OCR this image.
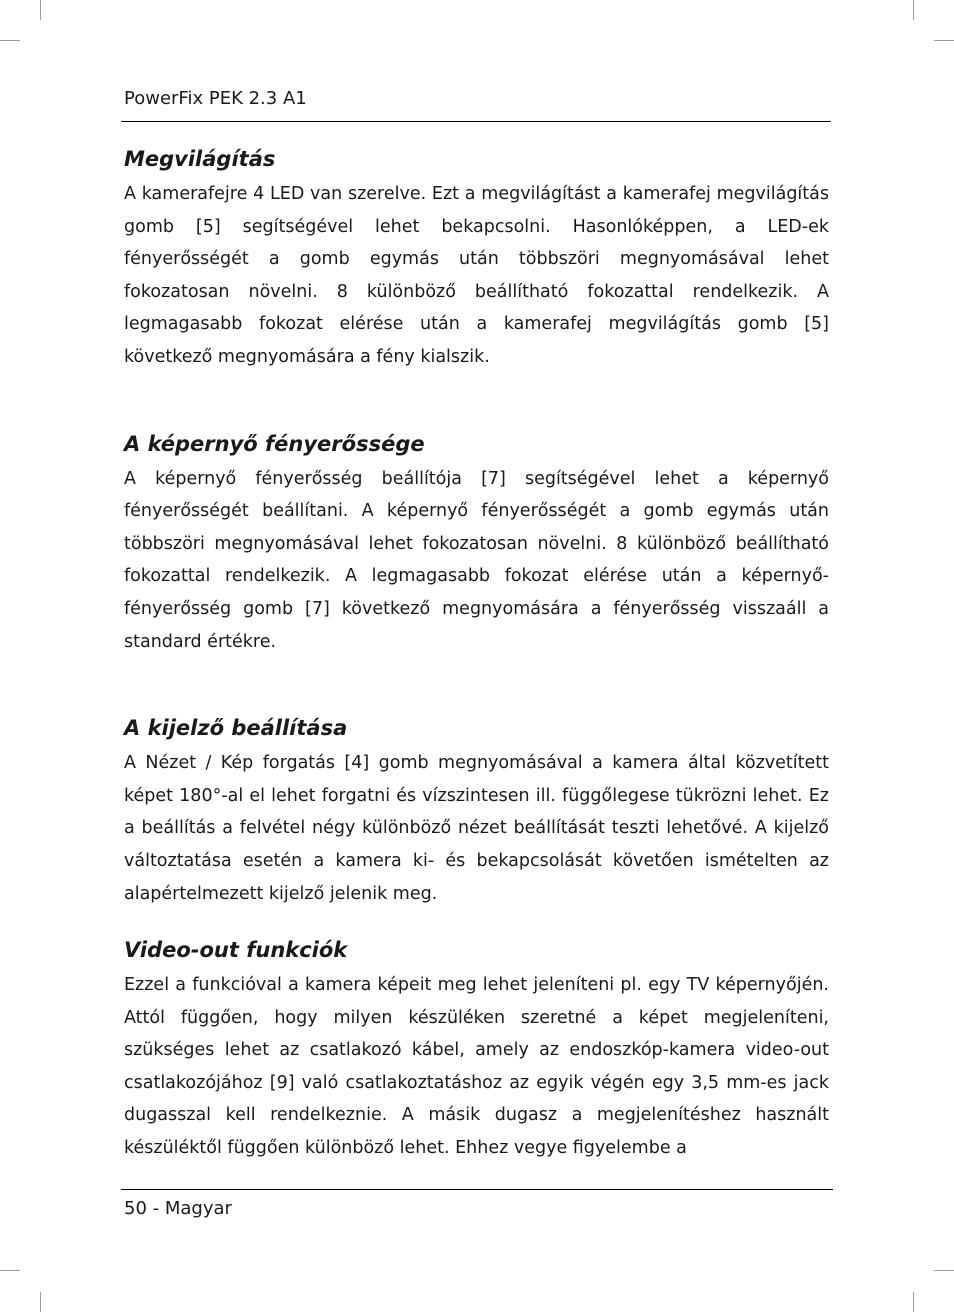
PowerFix PEK 2.3 A1
Megvilágítás

A kamerafejre 4 LED van szerelve. Ezt a megvilágítást a kamerafej megvilágítás gomb [5] segítségével lehet bekapcsolni. Hasonlóképpen, a LED-ek fényerősségét a gomb egymás után többszöri megnyomásával lehet fokozatosan növelni. 8 különböző beállítható fokozattal rendelkezik. A legmagasabb fokozat elérése után a kamerafej megvilágítás gomb [5] következő megnyomására a fény kialszik.

A képernyő fényerőssége

A képernyő fényerősség beállítója [7] segítségével lehet a képernyő fényerősségét beállítani. A képernyő fényerősségét a gomb egymás után többszöri megnyomásával lehet fokozatosan növelni. 8 különböző beállítható fokozattal rendelkezik. A legmagasabb fokozat elérése után a képernyő-fényerősség gomb [7] következő megnyomására a fényerősség visszaáll a standard értékre.

A kijelző beállítása

A Nézet / Kép forgatás [4] gomb megnyomásával a kamera által közvetített képet 180°-al el lehet forgatni és vízszintesen ill. függőlegese tükrözni lehet. Ez a beállítás a felvétel négy különböző nézet beállítását teszti lehetővé. A kijelző változtatása esetén a kamera ki- és bekapcsolását követően ismételten az alapértelmezett kijelző jelenik meg.

Video-out funkciók

Ezzel a funkcióval a kamera képeit meg lehet jeleníteni pl. egy TV képernyőjén. Attól függően, hogy milyen készüléken szeretné a képet megjeleníteni, szükséges lehet az csatlakozó kábel, amely az endoszkóp-kamera video-out csatlakozójához [9] való csatlakoztatáshoz az egyik végén egy 3,5 mm-es jack dugasszal kell rendelkeznie. A másik dugasz a megjelenítéshez használt készüléktől függően különböző lehet. Ehhez vegye figyelembe a

50 - Magyar
